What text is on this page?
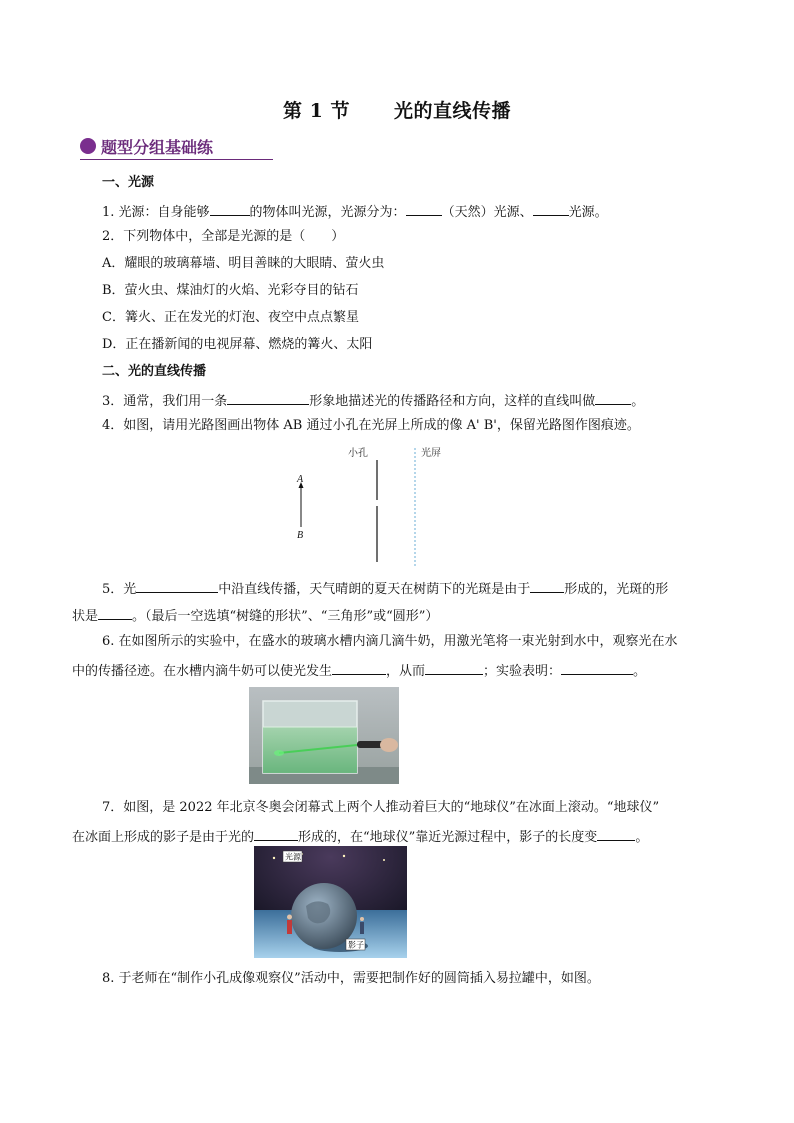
第 1 节 光的直线传播
题型分组基础练
一、光源
1. 光源：自身能够	的物体叫光源，光源分为：	（天然）光源、	光源。
2．下列物体中，全部是光源的是（　　）
A．耀眼的玻璃幕墙、明目善睐的大眼睛、萤火虫
B．萤火虫、煤油灯的火焰、光彩夺目的钻石
C．篝火、正在发光的灯泡、夜空中点点繁星
D．正在播新闻的电视屏幕、燃烧的篝火、太阳
二、光的直线传播
3．通常，我们用一条	形象地描述光的传播路径和方向，这样的直线叫做	。
4．如图，请用光路图画出物体 AB 通过小孔在光屏上所成的像 A' B'，保留光路图作图痕迹。
小孔	光屏
A
B
5．光	中沿直线传播，天气晴朗的夏天在树荫下的光斑是由于	形成的，光斑的形
状是	。（最后一空选填“树缝的形状”、“三角形”或“圆形”）
6. 在如图所示的实验中，在盛水的玻璃水槽内滴几滴牛奶，用激光笔将一束光射到水中，观察光在水
中的传播径迹。在水槽内滴牛奶可以使光发生	，从而	；实验表明：	。
7．如图，是 2022 年北京冬奥会闭幕式上两个人推动着巨大的“地球仪”在冰面上滚动。“地球仪”
在冰面上形成的影子是由于光的	形成的，在“地球仪”靠近光源过程中，影子的长度变	。
光源
影子
8. 于老师在“制作小孔成像观察仪”活动中，需要把制作好的圆筒插入易拉罐中，如图。
